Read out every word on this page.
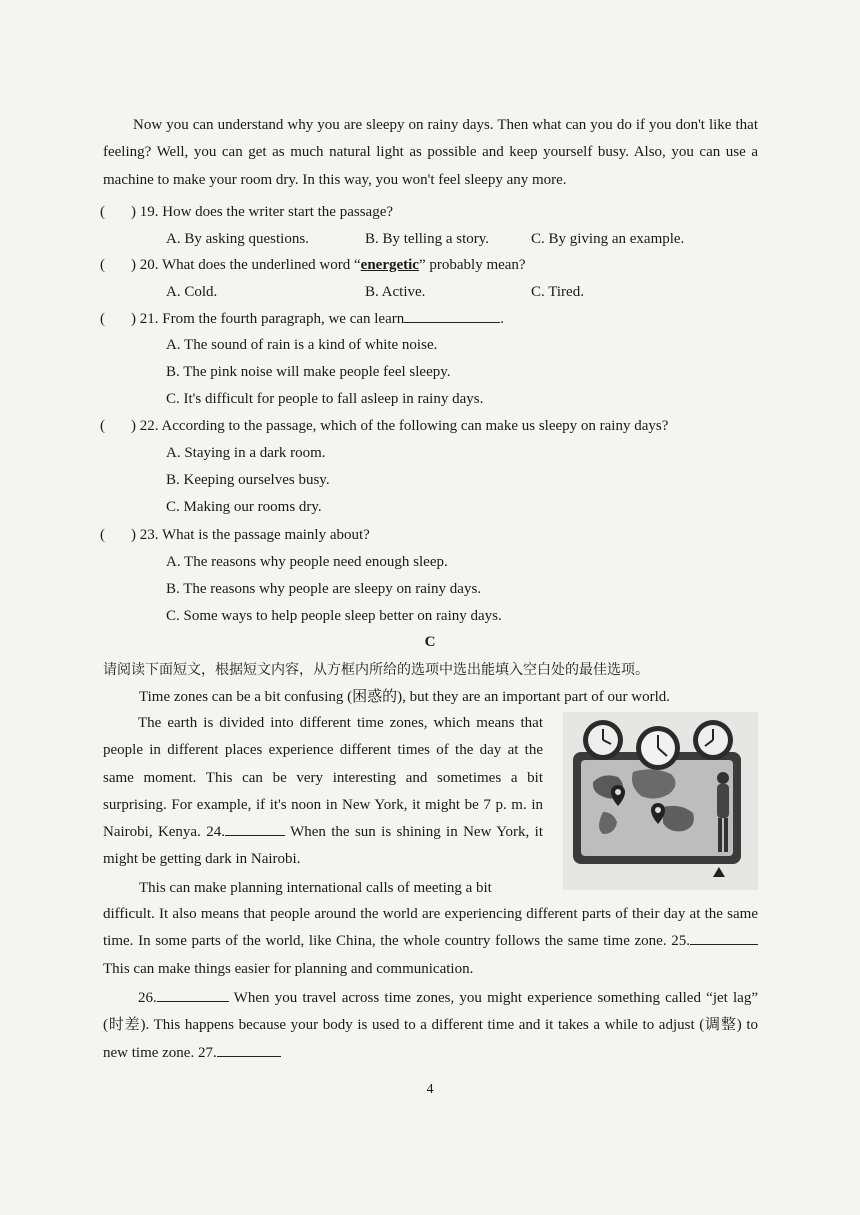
Now you can understand why you are sleepy on rainy days. Then what can you do if you don't like that feeling? Well, you can get as much natural light as possible and keep yourself busy. Also, you can use a machine to make your room dry. In this way, you won't feel sleepy any more.

( ) 19. How does the writer start the passage?
A. By asking questions.	B. By telling a story.	C. By giving an example.
( ) 20. What does the underlined word “energetic” probably mean?
A. Cold.	B. Active.	C. Tired.
( ) 21. From the fourth paragraph, we can learn	.
A. The sound of rain is a kind of white noise.
B. The pink noise will make people feel sleepy.
C. It's difficult for people to fall asleep in rainy days.
( ) 22. According to the passage, which of the following can make us sleepy on rainy days?
A. Staying in a dark room.
B. Keeping ourselves busy.
C. Making our rooms dry.
( ) 23. What is the passage mainly about?
A. The reasons why people need enough sleep.
B. The reasons why people are sleepy on rainy days.
C. Some ways to help people sleep better on rainy days.
C
请阅读下面短文，根据短文内容，从方框内所给的选项中选出能填入空白处的最佳选项。
Time zones can be a bit confusing (困惑的), but they are an important part of our world.

The earth is divided into different time zones, which means that people in different places experience different times of the day at the same moment. This can be very interesting and sometimes a bit surprising. For example, if it's noon in New York, it might be 7 p. m. in Nairobi, Kenya. 24.	When the sun is shining in New York, it might be getting dark in Nairobi.

This can make planning international calls of meeting a bit

difficult. It also means that people around the world are experiencing different parts of their day at the same time. In some parts of the world, like China, the whole country follows the same time zone. 25. This can make things easier for planning and communication.

26.	When you travel across time zones, you might experience something called “jet lag” (时差). This happens because your body is used to a different time and it takes a while to adjust (调整) to new time zone. 27.

4
